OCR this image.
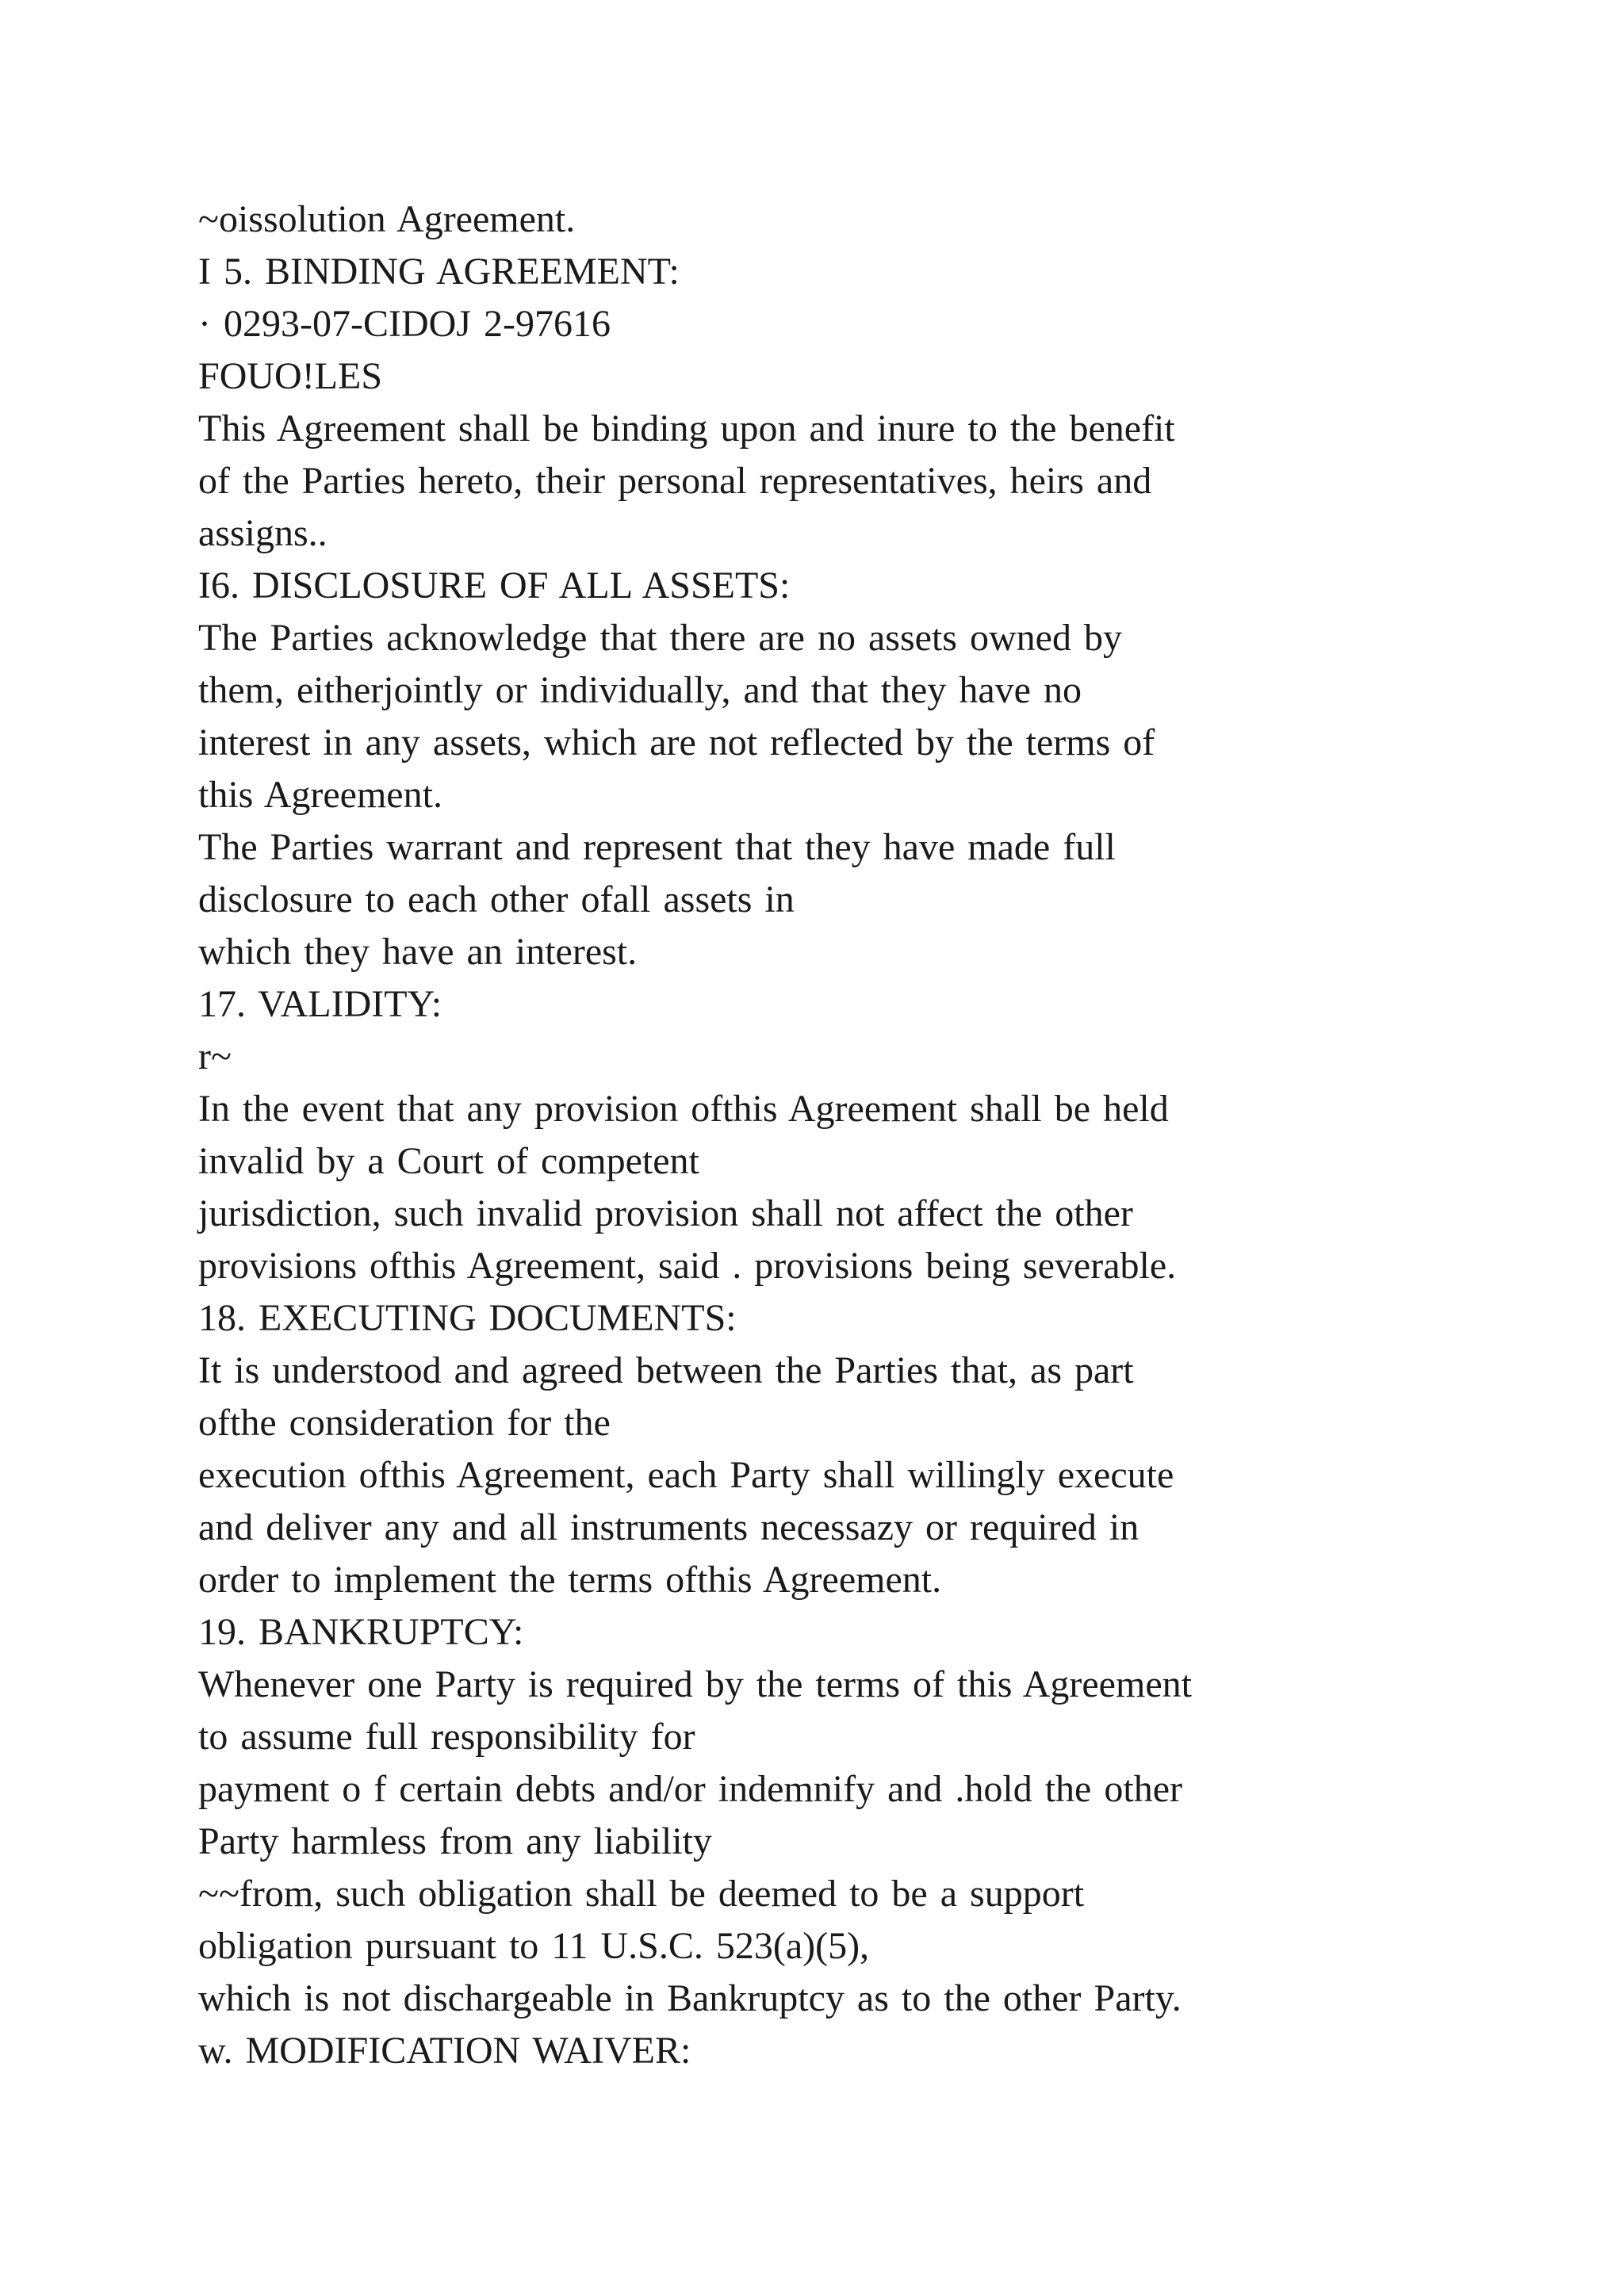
~oissolution Agreement.
I 5. BINDING AGREEMENT:
· 0293-07-CIDOJ 2-97616
FOUO!LES
This Agreement shall be binding upon and inure to the benefit
of the Parties hereto, their personal representatives, heirs and
assigns..
I6. DISCLOSURE OF ALL ASSETS:
The Parties acknowledge that there are no assets owned by
them, eitherjointly or individually, and that they have no
interest in any assets, which are not reflected by the terms of
this Agreement.
The Parties warrant and represent that they have made full
disclosure to each other ofall assets in
which they have an interest.
17. VALIDITY:
r~
In the event that any provision ofthis Agreement shall be held
invalid by a Court of competent
jurisdiction, such invalid provision shall not affect the other
provisions ofthis Agreement, said . provisions being severable.
18. EXECUTING DOCUMENTS:
It is understood and agreed between the Parties that, as part
ofthe consideration for the
execution ofthis Agreement, each Party shall willingly execute
and deliver any and all instruments necessazy or required in
order to implement the terms ofthis Agreement.
19. BANKRUPTCY:
Whenever one Party is required by the terms of this Agreement
to assume full responsibility for
payment o f certain debts and/or indemnify and .hold the other
Party harmless from any liability
~~from, such obligation shall be deemed to be a support
obligation pursuant to 11 U.S.C. 523(a)(5),
which is not dischargeable in Bankruptcy as to the other Party.
w. MODIFICATION WAIVER:
